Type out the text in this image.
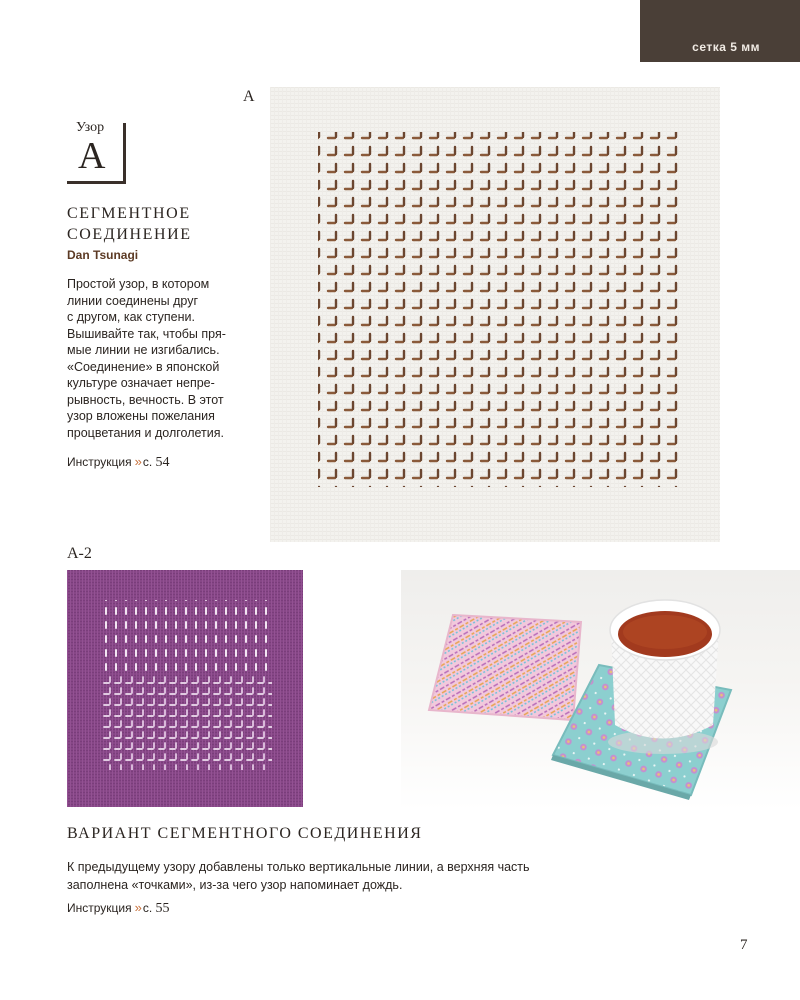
сетка 5 мм
A
Узор
A
СЕГМЕНТНОЕ
СОЕДИНЕНИЕ
Dan Tsunagi

Простой узор, в котором

линии соединены друг

с другом, как ступени.

Вышивайте так, чтобы пря-

мые линии не изгибались.

«Соединение» в японской

культуре означает непре-

рывность, вечность. В этот

узор вложены пожелания

процветания и долголетия.

Инструкция » с. 54
A-2
ВАРИАНТ СЕГМЕНТНОГО СОЕДИНЕНИЯ

К предыдущему узору добавлены только вертикальные линии, а верхняя часть

заполнена «точками», из-за чего узор напоминает дождь.

Инструкция » с. 55
7
